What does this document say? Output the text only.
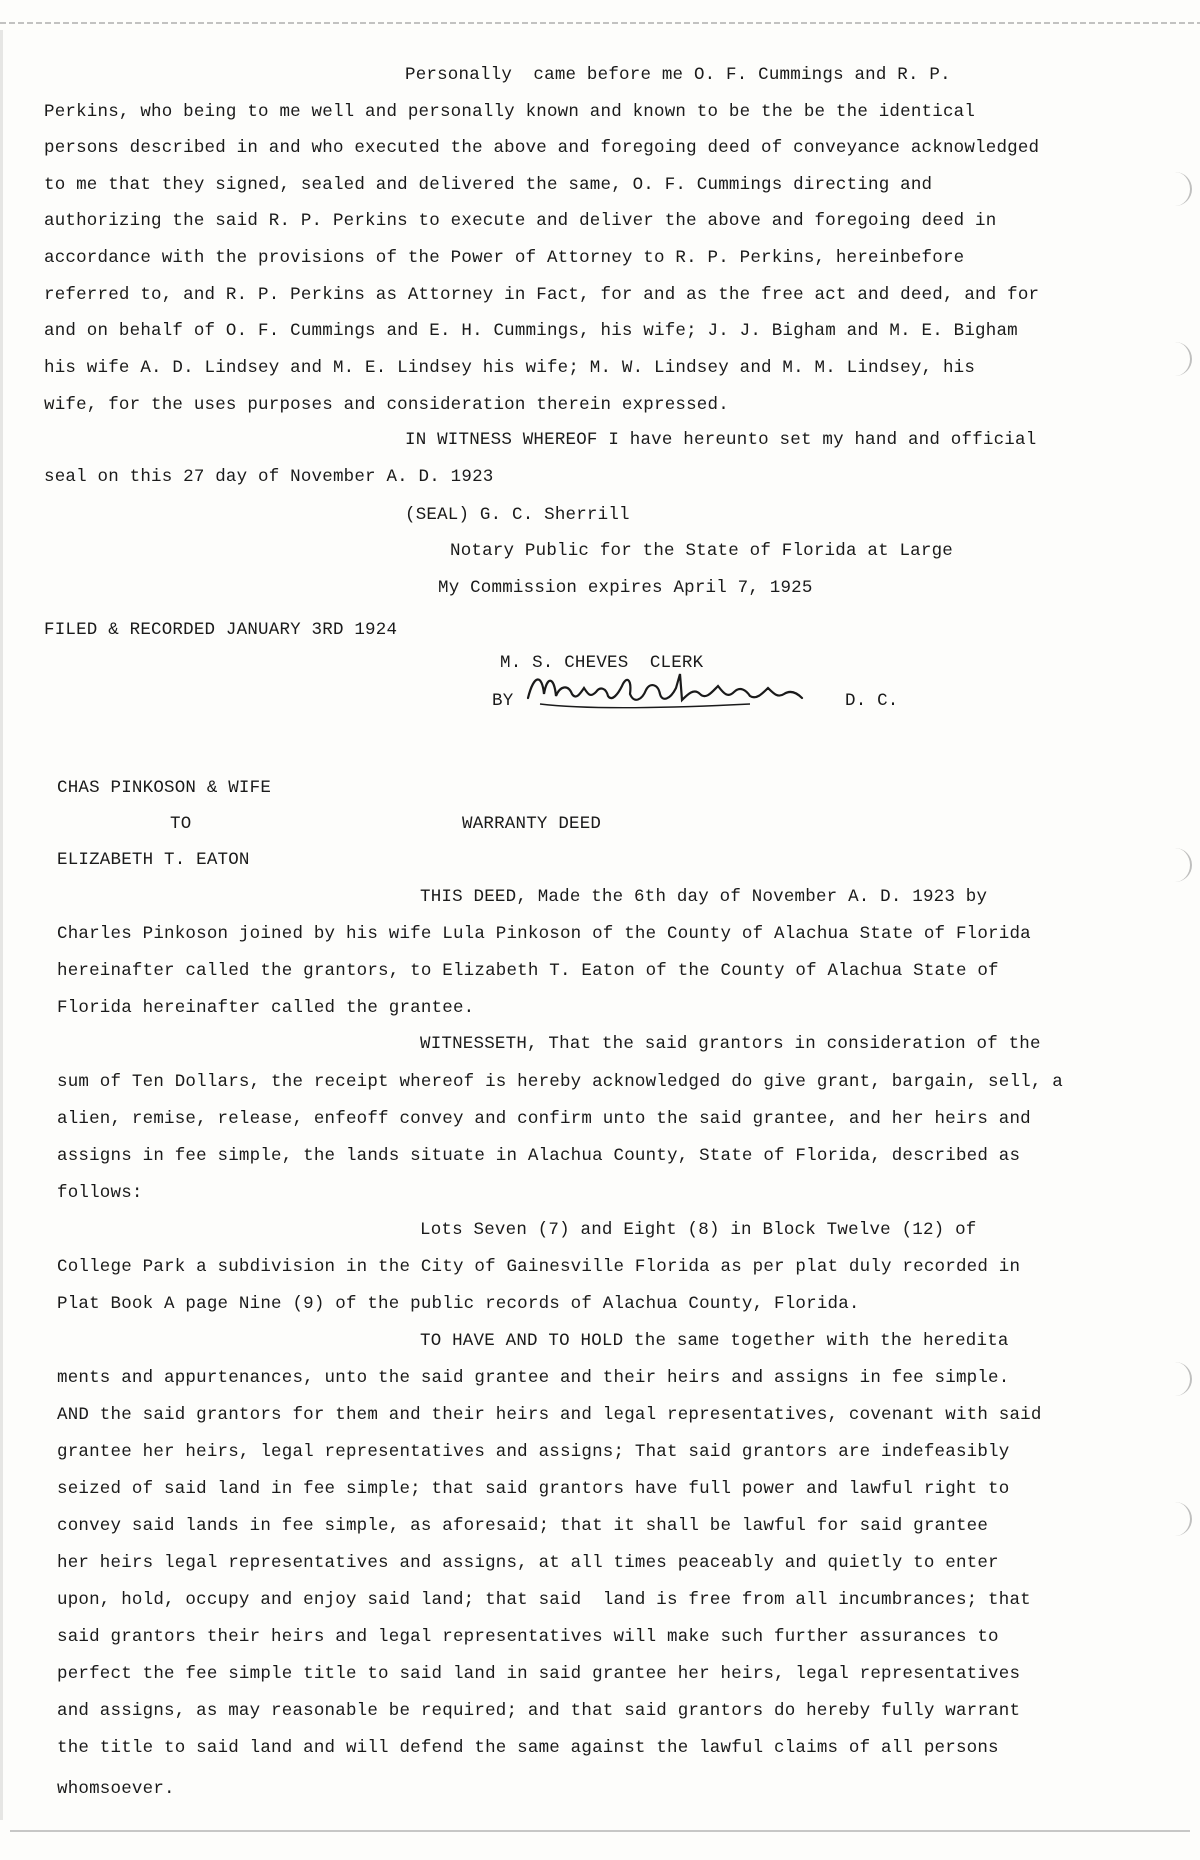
Personally  came before me O. F. Cummings and R. P.
Perkins, who being to me well and personally known and known to be the be the identical
persons described in and who executed the above and foregoing deed of conveyance acknowledged
to me that they signed, sealed and delivered the same, O. F. Cummings directing and
authorizing the said R. P. Perkins to execute and deliver the above and foregoing deed in
accordance with the provisions of the Power of Attorney to R. P. Perkins, hereinbefore
referred to, and R. P. Perkins as Attorney in Fact, for and as the free act and deed, and for
and on behalf of O. F. Cummings and E. H. Cummings, his wife; J. J. Bigham and M. E. Bigham
his wife A. D. Lindsey and M. E. Lindsey his wife; M. W. Lindsey and M. M. Lindsey, his
wife, for the uses purposes and consideration therein expressed.
IN WITNESS WHEREOF I have hereunto set my hand and official
seal on this 27 day of November A. D. 1923
(SEAL) G. C. Sherrill
Notary Public for the State of Florida at Large
My Commission expires April 7, 1925
FILED & RECORDED JANUARY 3RD 1924
M. S. CHEVES  CLERK
BY	D. C.
CHAS PINKOSON & WIFE
TO	WARRANTY DEED
ELIZABETH T. EATON
THIS DEED, Made the 6th day of November A. D. 1923 by
Charles Pinkoson joined by his wife Lula Pinkoson of the County of Alachua State of Florida
hereinafter called the grantors, to Elizabeth T. Eaton of the County of Alachua State of
Florida hereinafter called the grantee.
WITNESSETH, That the said grantors in consideration of the
sum of Ten Dollars, the receipt whereof is hereby acknowledged do give grant, bargain, sell, a
alien, remise, release, enfeoff convey and confirm unto the said grantee, and her heirs and
assigns in fee simple, the lands situate in Alachua County, State of Florida, described as
follows:
Lots Seven (7) and Eight (8) in Block Twelve (12) of
College Park a subdivision in the City of Gainesville Florida as per plat duly recorded in
Plat Book A page Nine (9) of the public records of Alachua County, Florida.
TO HAVE AND TO HOLD the same together with the heredita
ments and appurtenances, unto the said grantee and their heirs and assigns in fee simple.
AND the said grantors for them and their heirs and legal representatives, covenant with said
grantee her heirs, legal representatives and assigns; That said grantors are indefeasibly
seized of said land in fee simple; that said grantors have full power and lawful right to
convey said lands in fee simple, as aforesaid; that it shall be lawful for said grantee
her heirs legal representatives and assigns, at all times peaceably and quietly to enter
upon, hold, occupy and enjoy said land; that said  land is free from all incumbrances; that
said grantors their heirs and legal representatives will make such further assurances to
perfect the fee simple title to said land in said grantee her heirs, legal representatives
and assigns, as may reasonable be required; and that said grantors do hereby fully warrant
the title to said land and will defend the same against the lawful claims of all persons
whomsoever.
